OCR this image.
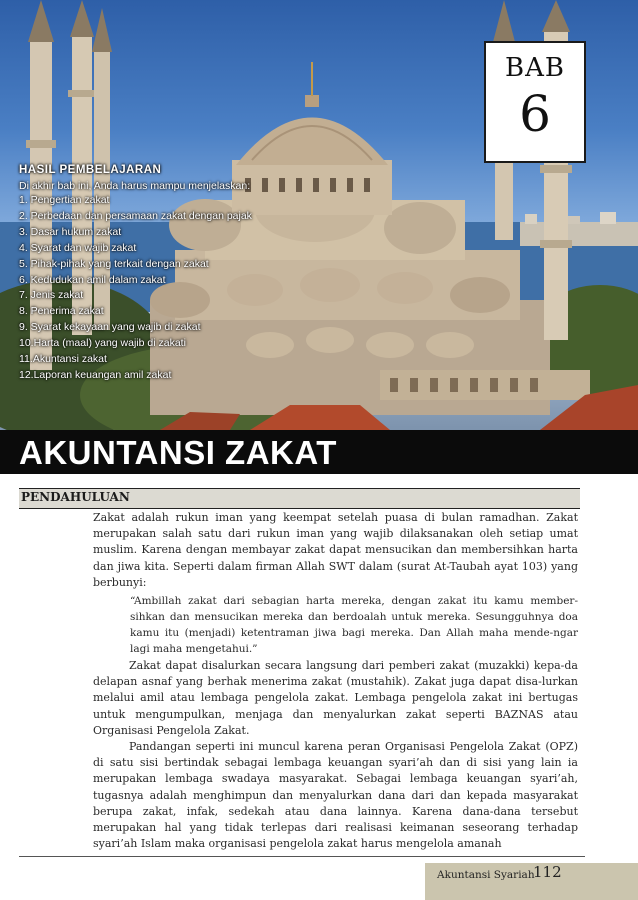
BAB
6
HASIL PEMBELAJARAN
Di akhir bab ini, Anda harus mampu menjelaskan:
1. Pengertian zakat
2. Perbedaan dan persamaan zakat dengan pajak
3. Dasar hukum zakat
4. Syarat dan wajib zakat
5. Pihak-pihak yang terkait dengan zakat
6. Kedudukan amil dalam zakat
7. Jenis zakat
8. Penerima zakat
9. Syarat kekayaan yang wajib di zakat
10.Harta (maal) yang wajib di zakati
11.Akuntansi zakat
12.Laporan keuangan amil zakat
AKUNTANSI ZAKAT
PENDAHULUAN

Zakat adalah rukun iman yang keempat setelah puasa di bulan ramadhan. Zakat merupakan salah satu dari rukun iman yang wajib dilaksanakan oleh setiap umat muslim. Karena dengan membayar zakat dapat mensucikan dan membersihkan harta dan jiwa kita. Seperti dalam firman Allah SWT dalam (surat At-Taubah ayat 103) yang berbunyi:

“Ambillah zakat dari sebagian harta mereka, dengan zakat itu kamu member-sihkan dan mensucikan mereka dan berdoalah untuk mereka. Sesungguhnya doa kamu itu (menjadi) ketentraman jiwa bagi mereka. Dan Allah maha mende-ngar lagi maha mengetahui.”

Zakat dapat disalurkan secara langsung dari pemberi zakat (muzakki) kepa-da delapan asnaf yang berhak menerima zakat (mustahik). Zakat juga dapat disa-lurkan melalui amil atau lembaga pengelola zakat. Lembaga pengelola zakat ini bertugas untuk mengumpulkan, menjaga dan menyalurkan zakat seperti BAZNAS atau Organisasi Pengelola Zakat.

Pandangan seperti ini muncul karena peran Organisasi Pengelola Zakat (OPZ) di satu sisi bertindak sebagai lembaga keuangan syari’ah dan di sisi yang lain ia merupakan lembaga swadaya masyarakat. Sebagai lembaga keuangan syari’ah, tugasnya adalah menghimpun dan menyalurkan dana dari dan kepada masyarakat berupa zakat, infak, sedekah atau dana lainnya. Karena dana-dana tersebut merupakan hal yang tidak terlepas dari realisasi keimanan seseorang terhadap syari’ah Islam maka organisasi pengelola zakat harus mengelola amanah

Akuntansi Syariah
112
